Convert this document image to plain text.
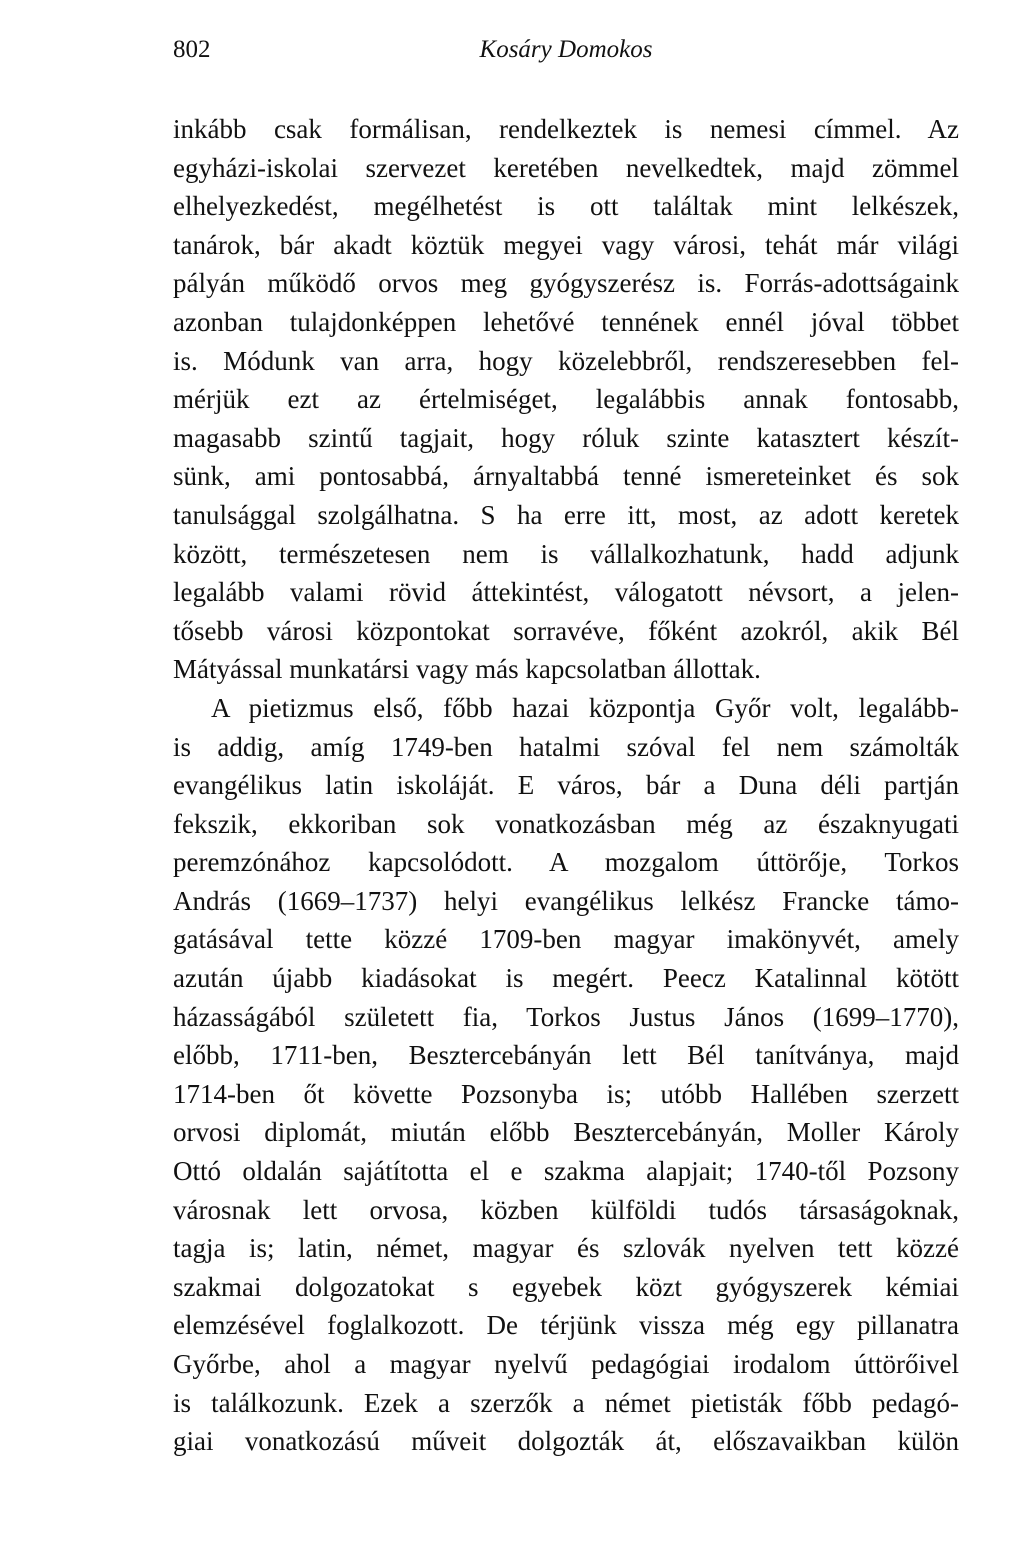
802	Kosáry Domokos
inkább csak formálisan, rendelkeztek is nemesi címmel. Az
egyházi-iskolai szervezet keretében nevelkedtek, majd zömmel
elhelyezkedést, megélhetést is ott találtak mint lelkészek,
tanárok, bár akadt köztük megyei vagy városi, tehát már világi
pályán működő orvos meg gyógyszerész is. Forrás-adottságaink
azonban tulajdonképpen lehetővé tennének ennél jóval többet
is. Módunk van arra, hogy közelebbről, rendszeresebben fel-
mérjük ezt az értelmiséget, legalábbis annak fontosabb,
magasabb szintű tagjait, hogy róluk szinte katasztert készít-
sünk, ami pontosabbá, árnyaltabbá tenné ismereteinket és sok
tanulsággal szolgálhatna. S ha erre itt, most, az adott keretek
között, természetesen nem is vállalkozhatunk, hadd adjunk
legalább valami rövid áttekintést, válogatott névsort, a jelen-
tősebb városi központokat sorravéve, főként azokról, akik Bél
Mátyással munkatársi vagy más kapcsolatban állottak.
A pietizmus első, főbb hazai központja Győr volt, legalább-
is addig, amíg 1749-ben hatalmi szóval fel nem számolták
evangélikus latin iskoláját. E város, bár a Duna déli partján
fekszik, ekkoriban sok vonatkozásban még az északnyugati
peremzónához kapcsolódott. A mozgalom úttörője, Torkos
András (1669–1737) helyi evangélikus lelkész Francke támo-
gatásával tette közzé 1709-ben magyar imakönyvét, amely
azután újabb kiadásokat is megért. Peecz Katalinnal kötött
házasságából született fia, Torkos Justus János (1699–1770),
előbb, 1711-ben, Besztercebányán lett Bél tanítványa, majd
1714-ben őt követte Pozsonyba is; utóbb Hallében szerzett
orvosi diplomát, miután előbb Besztercebányán, Moller Károly
Ottó oldalán sajátította el e szakma alapjait; 1740-től Pozsony
városnak lett orvosa, közben külföldi tudós társaságoknak,
tagja is; latin, német, magyar és szlovák nyelven tett közzé
szakmai dolgozatokat s egyebek közt gyógyszerek kémiai
elemzésével foglalkozott. De térjünk vissza még egy pillanatra
Győrbe, ahol a magyar nyelvű pedagógiai irodalom úttörőivel
is találkozunk. Ezek a szerzők a német pietisták főbb pedagó-
giai vonatkozású műveit dolgozták át, előszavaikban külön
